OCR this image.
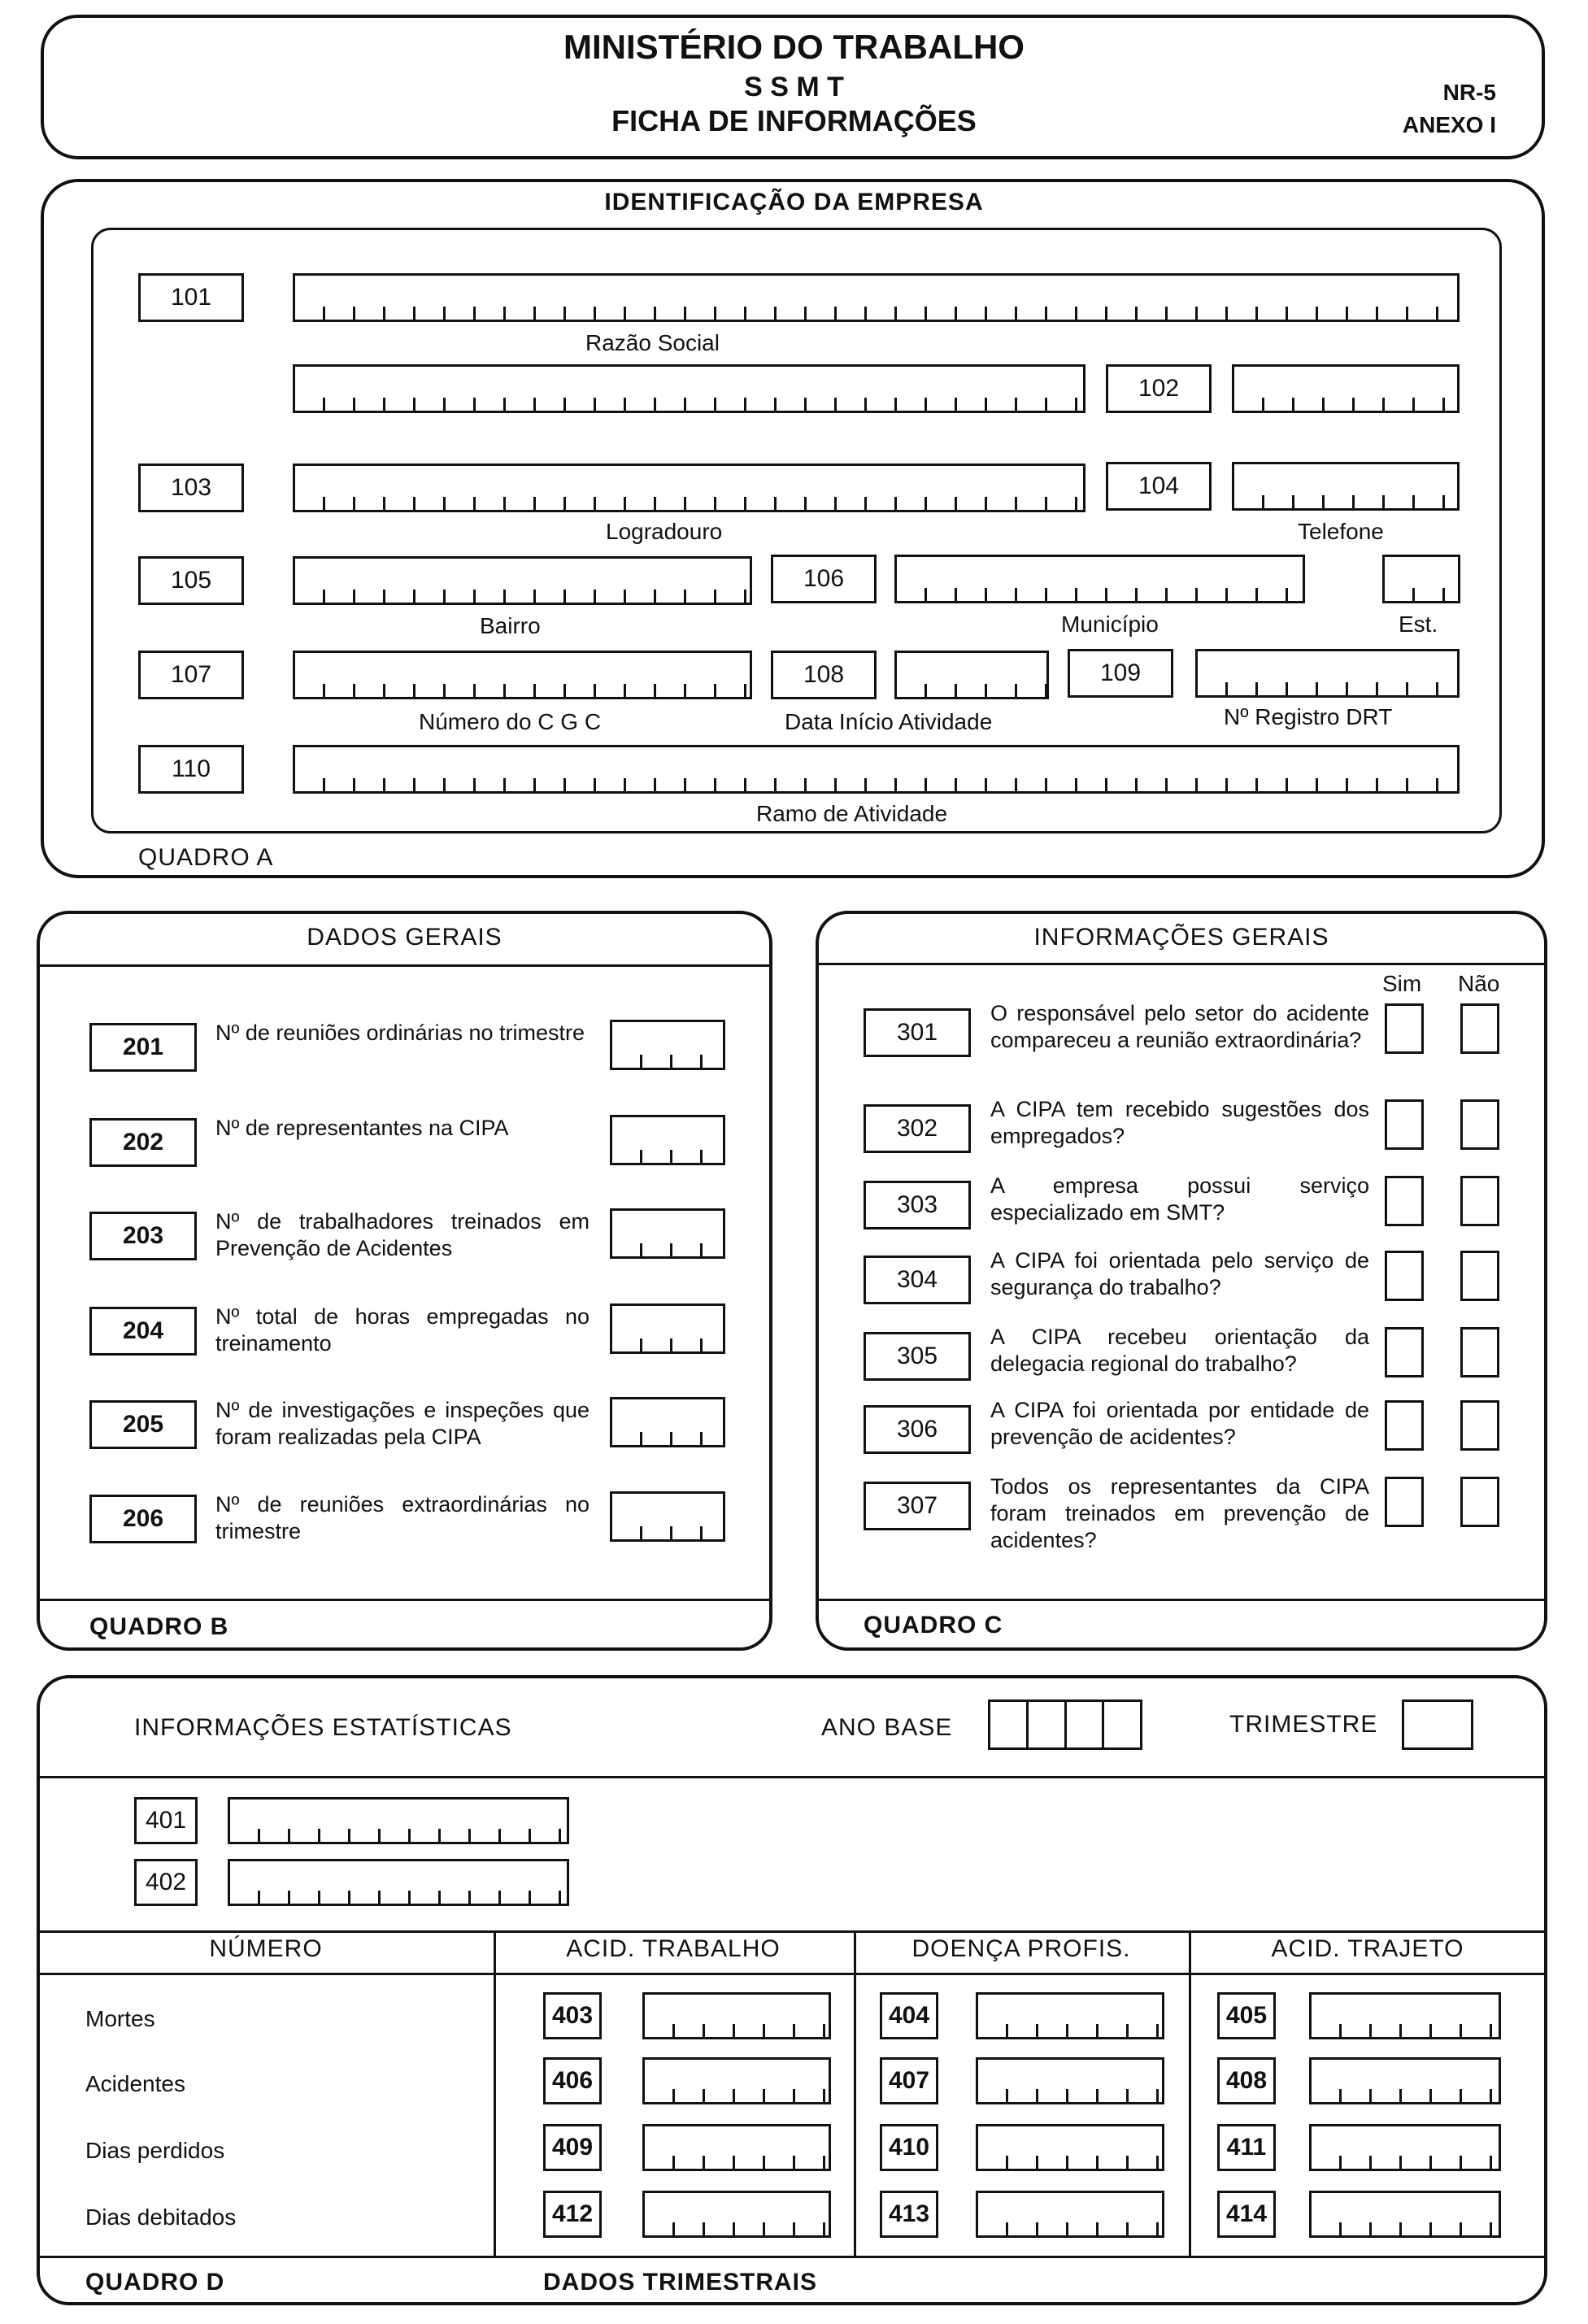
MINISTÉRIO DO TRABALHO
S S M T
FICHA DE INFORMAÇÕES
NR-5
ANEXO I
IDENTIFICAÇÃO DA EMPRESA
QUADRO A
101
Razão Social
102
103	104
Logradouro	Telefone
105	106
Bairro	Município	Est.
107	108	109
Número do C G C	Data Início Atividade	Nº Registro DRT
110
Ramo de Atividade
DADOS GERAIS
QUADRO B
201
Nº de reuniões ordinárias no trimestre
202
Nº de representantes na CIPA
203
Nº de trabalhadores treinados em Prevenção de Acidentes
204
Nº total de horas empregadas no treinamento
205
Nº de investigações e inspeções que foram realizadas pela CIPA
206
Nº de reuniões extraordinárias no trimestre
INFORMAÇÕES GERAIS
QUADRO C
Sim Não
301
O responsável pelo setor do acidente compareceu a reunião extraordinária?
302
A CIPA tem recebido sugestões dos empregados?
303
A empresa possui serviço especializado em SMT?
304
A CIPA foi orientada pelo serviço de segurança do trabalho?
305
A CIPA recebeu orientação da delegacia regional do trabalho?
306
A CIPA foi orientada por entidade de prevenção de acidentes?
307
Todos os representantes da CIPA foram treinados em prevenção de acidentes?
INFORMAÇÕES ESTATÍSTICAS	ANO BASE	TRIMESTRE
401
402
NÚMERO	ACID. TRABALHO	DOENÇA PROFIS.	ACID. TRAJETO
Mortes	403	404	405
Acidentes	406	407	408
Dias perdidos	409	410	411
Dias debitados	412	413	414
QUADRO D	DADOS TRIMESTRAIS
